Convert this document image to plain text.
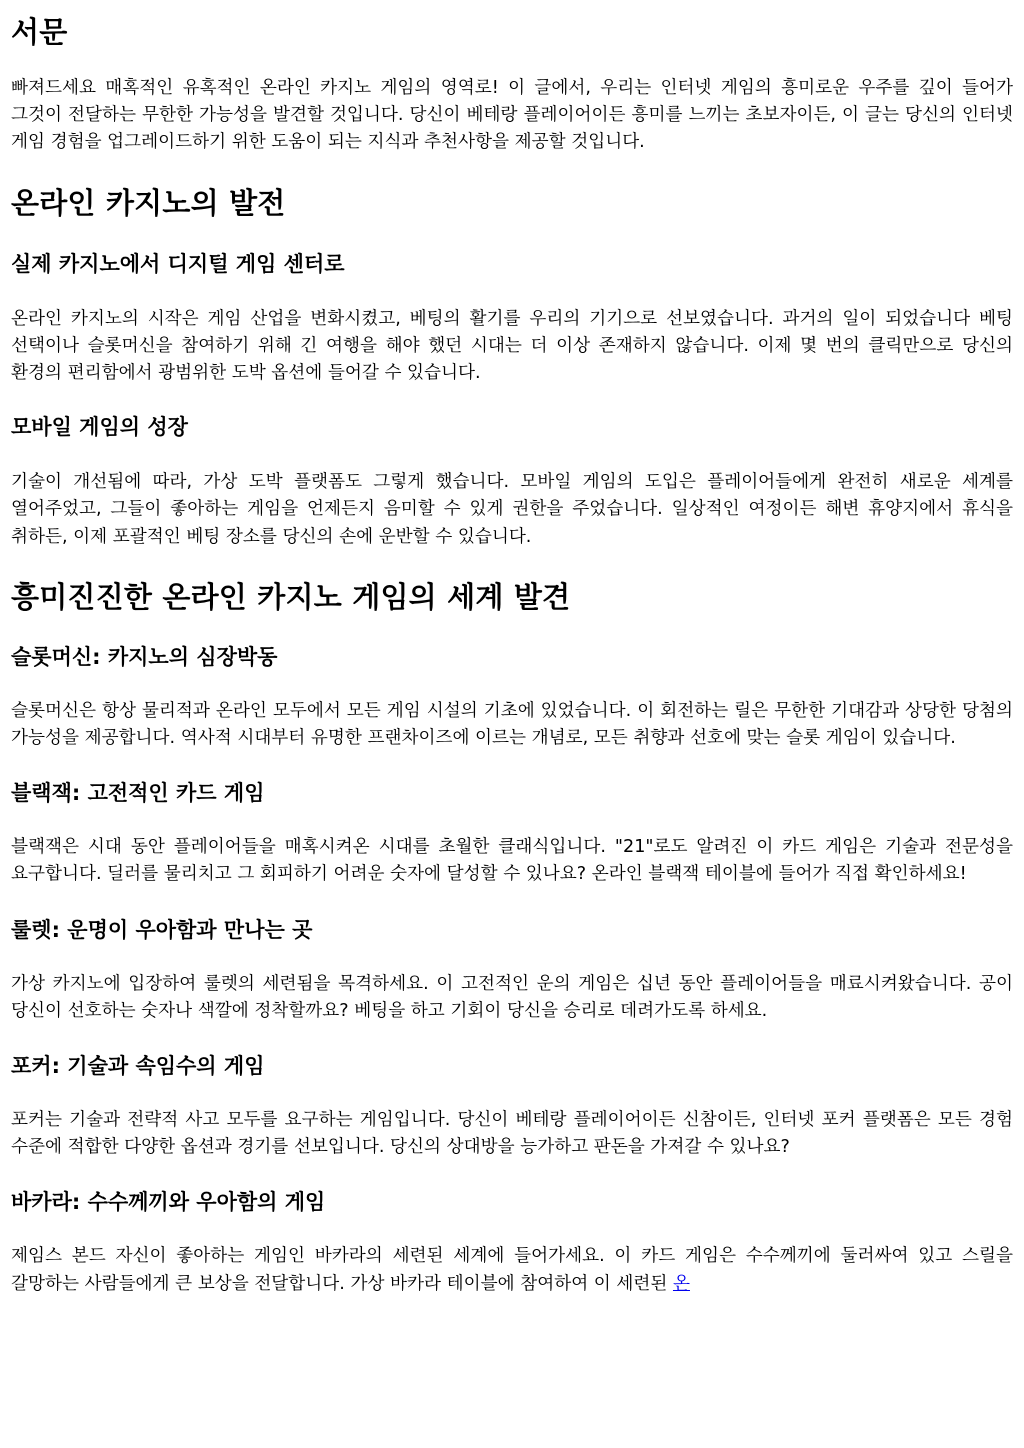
서문

빠져드세요 매혹적인 유혹적인 온라인 카지노 게임의 영역로! 이 글에서, 우리는 인터넷 게임의 흥미로운 우주를 깊이 들어가 그것이 전달하는 무한한 가능성을 발견할 것입니다. 당신이 베테랑 플레이어이든 흥미를 느끼는 초보자이든, 이 글는 당신의 인터넷 게임 경험을 업그레이드하기 위한 도움이 되는 지식과 추천사항을 제공할 것입니다.

온라인 카지노의 발전
실제 카지노에서 디지털 게임 센터로

온라인 카지노의 시작은 게임 산업을 변화시켰고, 베팅의 활기를 우리의 기기으로 선보였습니다. 과거의 일이 되었습니다 베팅 선택이나 슬롯머신을 참여하기 위해 긴 여행을 해야 했던 시대는 더 이상 존재하지 않습니다. 이제 몇 번의 클릭만으로 당신의 환경의 편리함에서 광범위한 도박 옵션에 들어갈 수 있습니다.

모바일 게임의 성장

기술이 개선됨에 따라, 가상 도박 플랫폼도 그렇게 했습니다. 모바일 게임의 도입은 플레이어들에게 완전히 새로운 세계를 열어주었고, 그들이 좋아하는 게임을 언제든지 음미할 수 있게 권한을 주었습니다. 일상적인 여정이든 해변 휴양지에서 휴식을 취하든, 이제 포괄적인 베팅 장소를 당신의 손에 운반할 수 있습니다.

흥미진진한 온라인 카지노 게임의 세계 발견
슬롯머신: 카지노의 심장박동

슬롯머신은 항상 물리적과 온라인 모두에서 모든 게임 시설의 기초에 있었습니다. 이 회전하는 릴은 무한한 기대감과 상당한 당첨의 가능성을 제공합니다. 역사적 시대부터 유명한 프랜차이즈에 이르는 개념로, 모든 취향과 선호에 맞는 슬롯 게임이 있습니다.

블랙잭: 고전적인 카드 게임

블랙잭은 시대 동안 플레이어들을 매혹시켜온 시대를 초월한 클래식입니다. "21"로도 알려진 이 카드 게임은 기술과 전문성을 요구합니다. 딜러를 물리치고 그 회피하기 어려운 숫자에 달성할 수 있나요? 온라인 블랙잭 테이블에 들어가 직접 확인하세요!

룰렛: 운명이 우아함과 만나는 곳

가상 카지노에 입장하여 룰렛의 세련됨을 목격하세요. 이 고전적인 운의 게임은 십년 동안 플레이어들을 매료시켜왔습니다. 공이 당신이 선호하는 숫자나 색깔에 정착할까요? 베팅을 하고 기회이 당신을 승리로 데려가도록 하세요.

포커: 기술과 속임수의 게임

포커는 기술과 전략적 사고 모두를 요구하는 게임입니다. 당신이 베테랑 플레이어이든 신참이든, 인터넷 포커 플랫폼은 모든 경험 수준에 적합한 다양한 옵션과 경기를 선보입니다. 당신의 상대방을 능가하고 판돈을 가져갈 수 있나요?

바카라: 수수께끼와 우아함의 게임

제임스 본드 자신이 좋아하는 게임인 바카라의 세련된 세계에 들어가세요. 이 카드 게임은 수수께끼에 둘러싸여 있고 스릴을 갈망하는 사람들에게 큰 보상을 전달합니다. 가상 바카라 테이블에 참여하여 이 세련된 온
